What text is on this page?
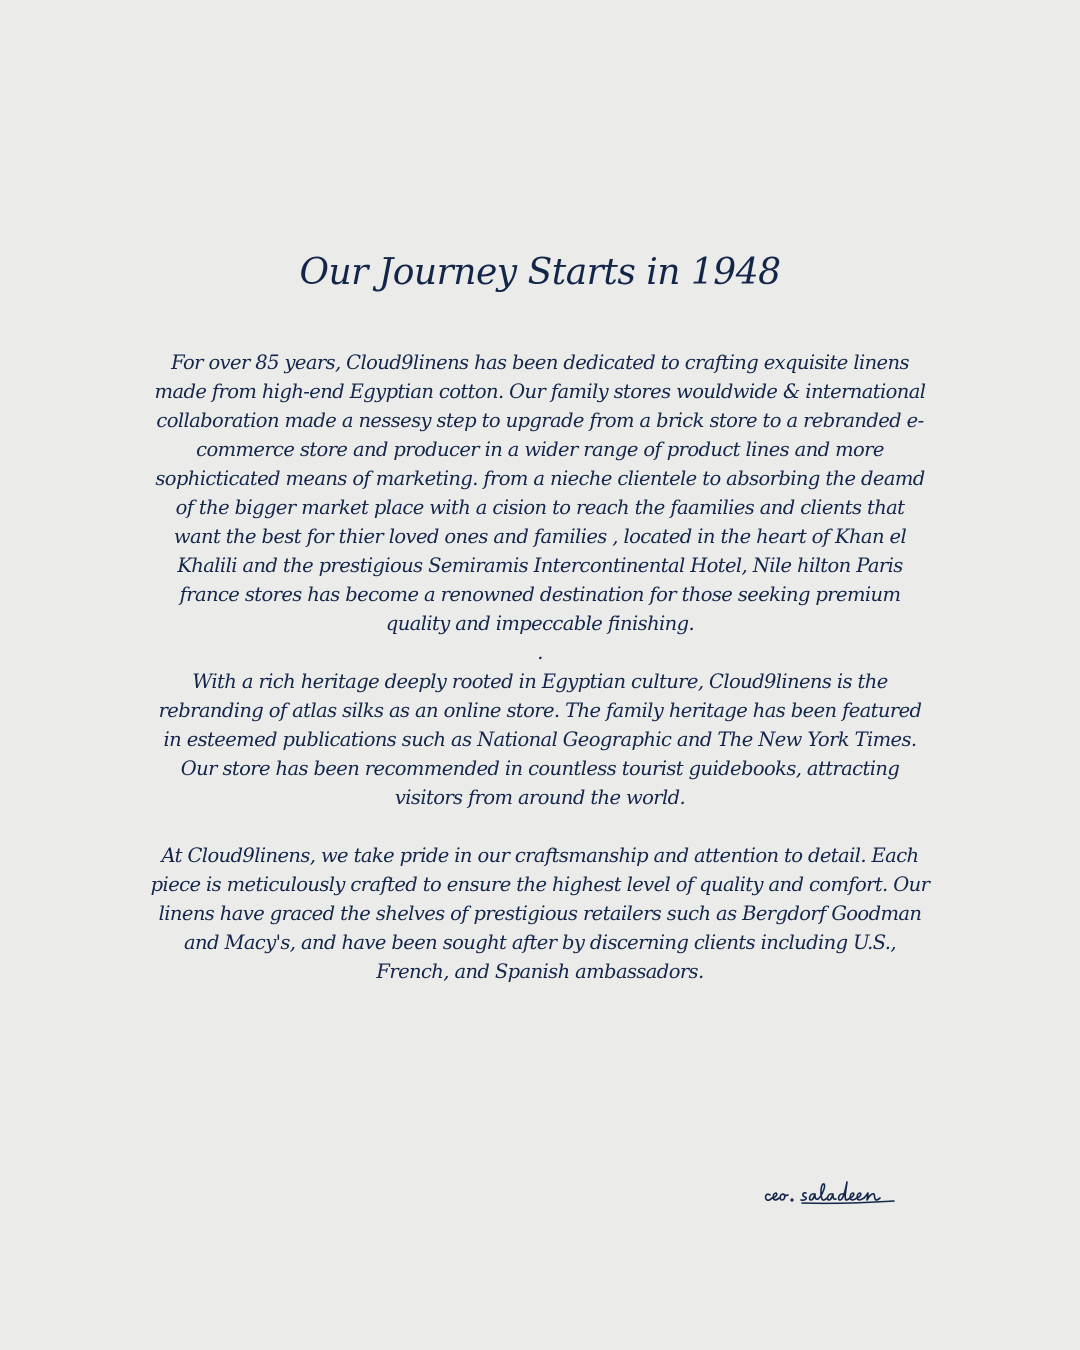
Our Journey Starts in 1948

For over 85 years, Cloud9linens has been dedicated to crafting exquisite linens made from high-end Egyptian cotton. Our family stores wouldwide & international collaboration made a nessesy step to upgrade from a brick store to a rebranded e-commerce store and producer in a wider range of product lines and more sophicticated means of marketing. from a nieche clientele to absorbing the deamd of the bigger market place with a cision to reach the faamilies and clients that want the best for thier loved ones and families , located in the heart of Khan el Khalili and the prestigious Semiramis Intercontinental Hotel, Nile hilton Paris france stores has become a renowned destination for those seeking premium quality and impeccable finishing.

.

With a rich heritage deeply rooted in Egyptian culture, Cloud9linens is the rebranding of atlas silks as an online store. The family heritage has been featured in esteemed publications such as National Geographic and The New York Times. Our store has been recommended in countless tourist guidebooks, attracting visitors from around the world.

At Cloud9linens, we take pride in our craftsmanship and attention to detail. Each piece is meticulously crafted to ensure the highest level of quality and comfort. Our linens have graced the shelves of prestigious retailers such as Bergdorf Goodman and Macy's, and have been sought after by discerning clients including U.S., French, and Spanish ambassadors.
